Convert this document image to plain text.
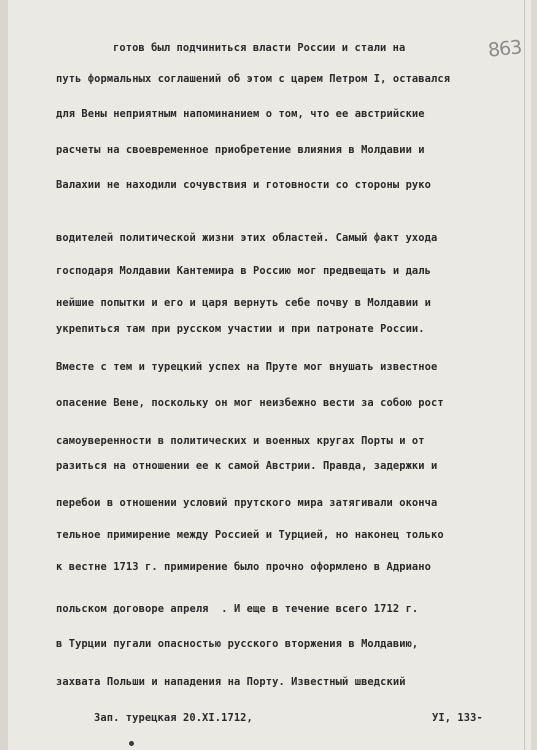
863
готов был подчиниться власти России и стали на
путь формальных соглашений об этом с царем Петром I, оставался
для Вены неприятным напоминанием о том, что ее австрийские
расчеты на своевременное приобретение влияния в Молдавии и
Валахии не находили сочувствия и готовности со стороны руко
водителей политической жизни этих областей. Самый факт ухода
господаря Молдавии Кантемира в Россию мог предвещать и даль
нейшие попытки и его и царя вернуть себе почву в Молдавии и
укрепиться там при русском участии и при патронате России.
Вместе с тем и турецкий успех на Пруте мог внушать известное
опасение Вене, поскольку он мог неизбежно вести за собою рост
самоуверенности в политических и военных кругах Порты и от
разиться на отношении ее к самой Австрии. Правда, задержки и
перебои в отношении условий прутского мира затягивали оконча
тельное примирение между Россией и Турцией, но наконец только
к вестне 1713 г. примирение было прочно оформлено в Адриано
польском договоре апреля  . И еще в течение всего 1712 г.
в Турции пугали опасностью русского вторжения в Молдавию,
захвата Польши и нападения на Порту. Известный шведский
Зап. турецкая 20.XI.1712,	УI, 133-
